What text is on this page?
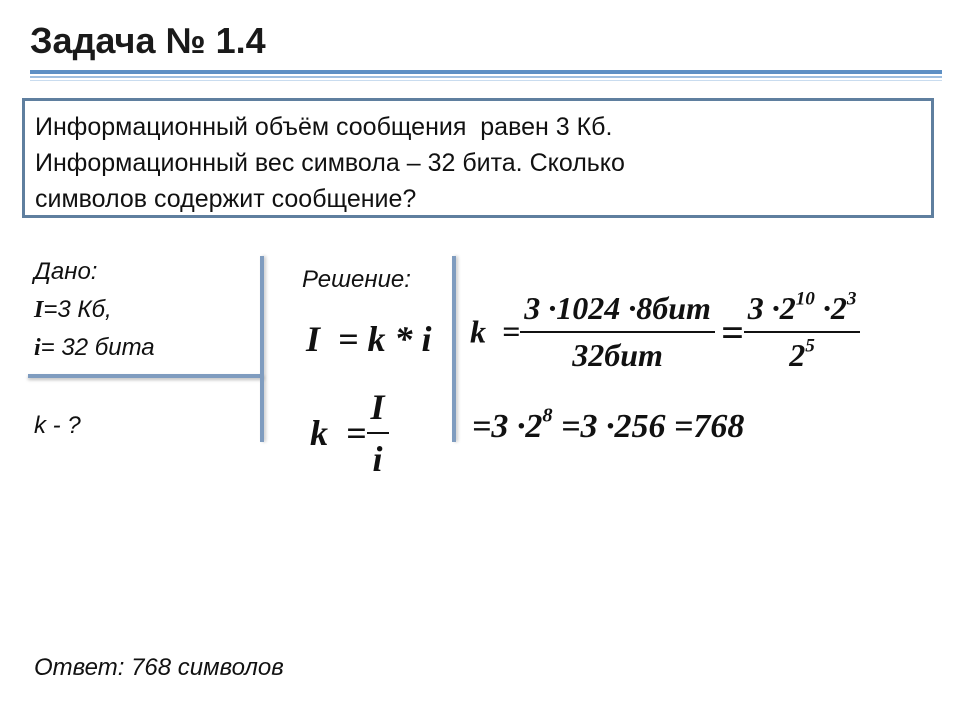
Задача № 1.4
Информационный объём сообщения  равен 3 Кб.
Информационный вес символа – 32 бита. Сколько
символов содержит сообщение?
Дано:
I=3 Кб,
i= 32 бита
k - ?
Решение:
I  = k * i
$k = \frac{I}{i}$
$k = \frac{\text{3 ·1024 ·8бит}}{\text{32бит}} = \frac{3 \cdot 2^{10} \cdot 2^3}{2^5}$
$=3 \cdot 2^8 =3 \cdot 256 =768$
Ответ: 768 символов
